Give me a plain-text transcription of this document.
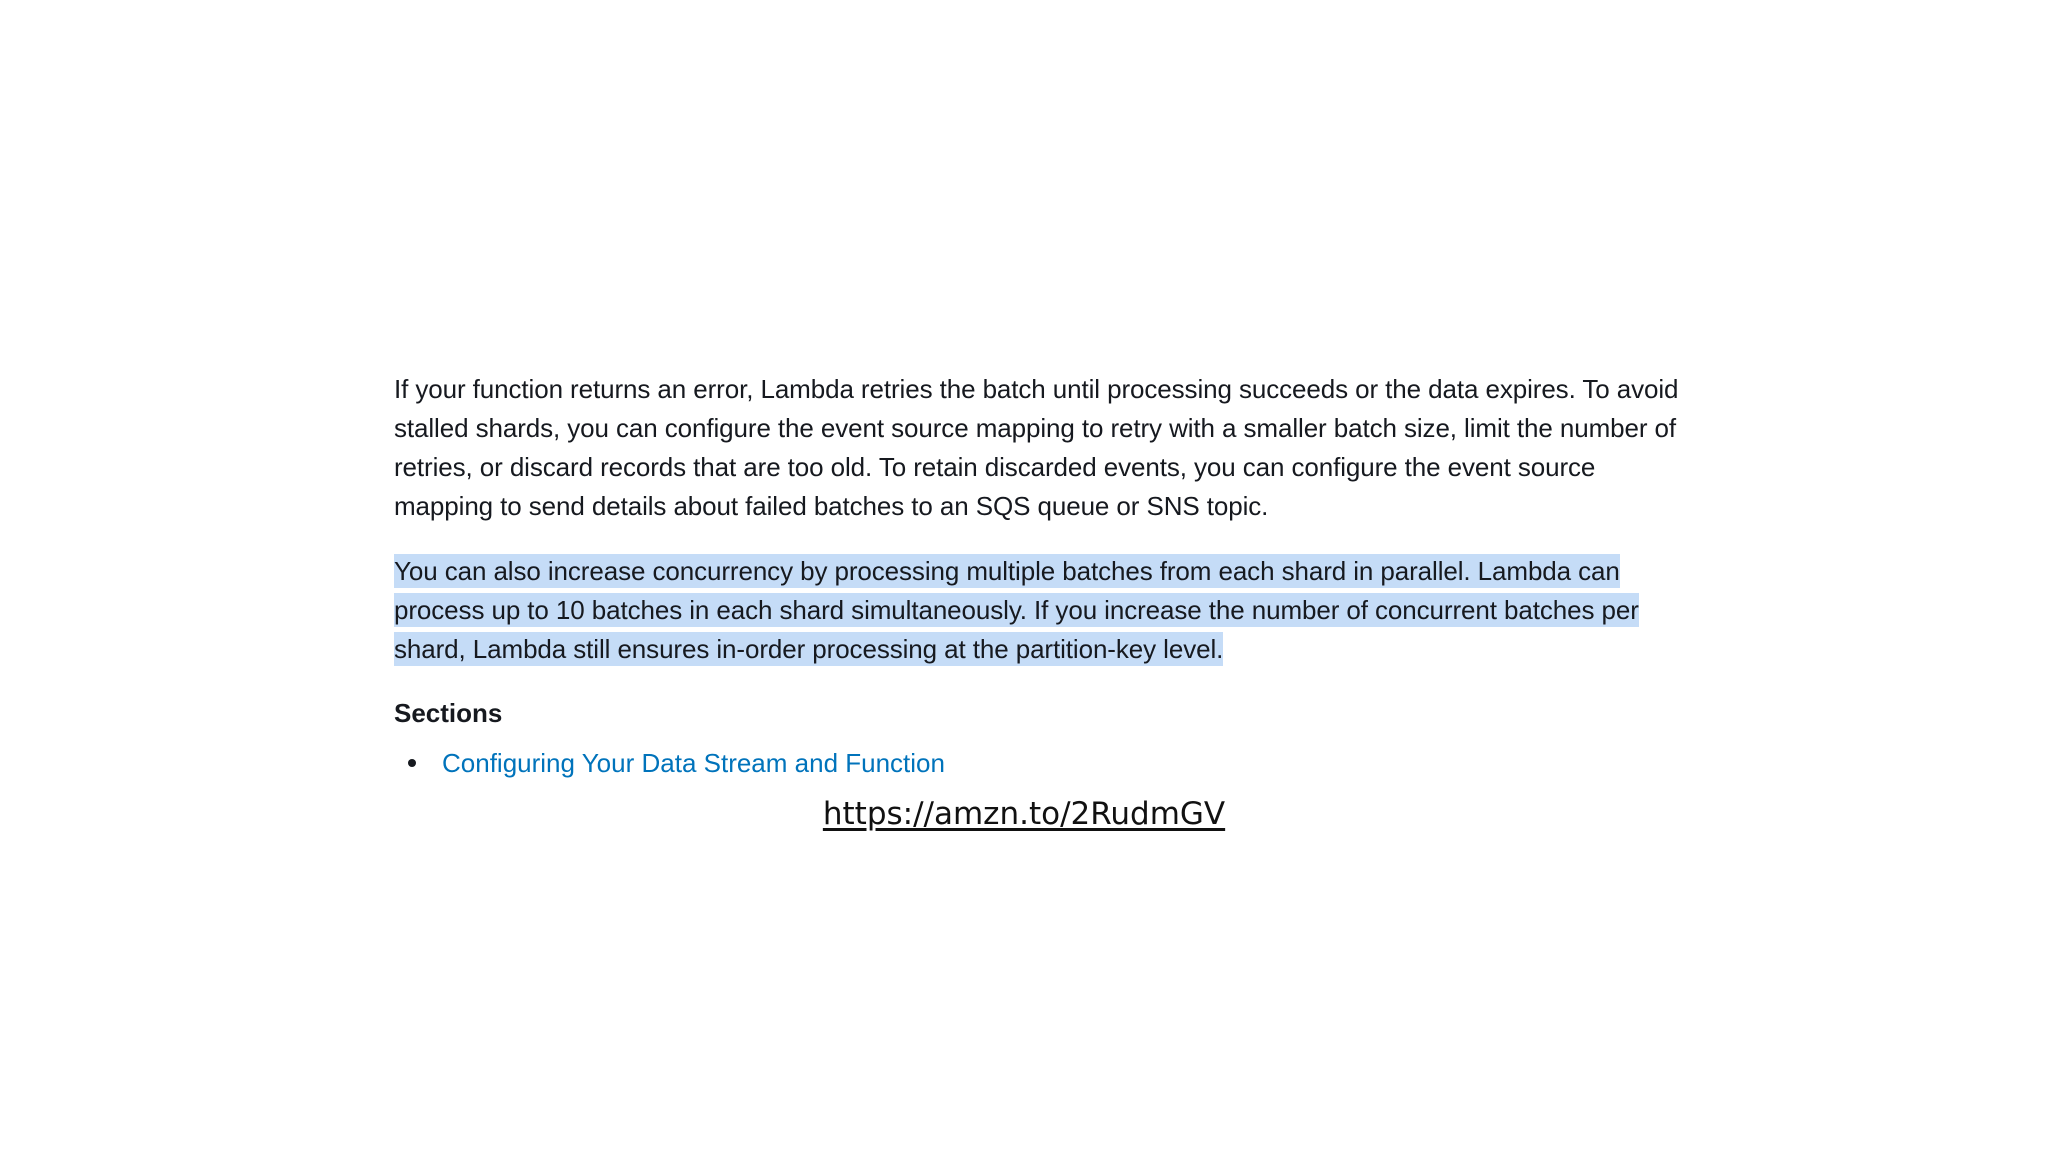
If your function returns an error, Lambda retries the batch until processing succeeds or the data expires. To avoid stalled shards, you can configure the event source mapping to retry with a smaller batch size, limit the number of retries, or discard records that are too old. To retain discarded events, you can configure the event source mapping to send details about failed batches to an SQS queue or SNS topic.

You can also increase concurrency by processing multiple batches from each shard in parallel. Lambda can process up to 10 batches in each shard simultaneously. If you increase the number of concurrent batches per shard, Lambda still ensures in-order processing at the partition-key level.

Sections
Configuring Your Data Stream and Function
https://amzn.to/2RudmGV
